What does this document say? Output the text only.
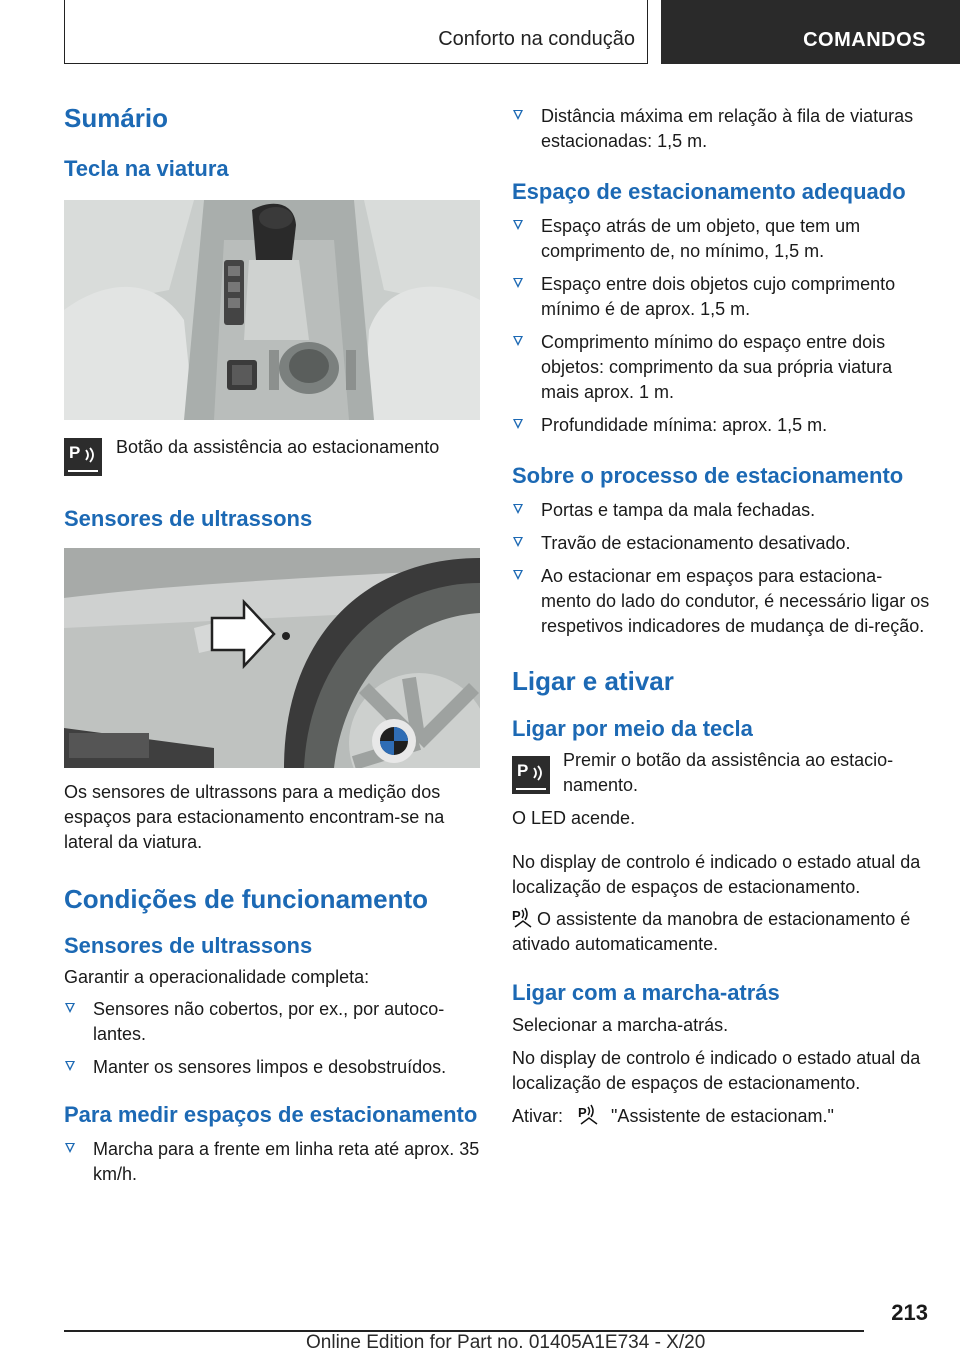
Conforto na condução	COMANDOS
Sumário
Tecla na viatura
P Botão da assistência ao estacionamento

Sensores de ultrassons

Os sensores de ultrassons para a medição dos espaços para estacionamento encontram-se na lateral da viatura.

Condições de funcionamento
Sensores de ultrassons

Garantir a operacionalidade completa:

Sensores não cobertos, por ex., por autoco-lantes.
Manter os sensores limpos e desobstruídos.
Para medir espaços de estacionamento
Marcha para a frente em linha reta até aprox. 35 km/h.
Distância máxima em relação à fila de viaturas estacionadas: 1,5 m.
Espaço de estacionamento adequado
Espaço atrás de um objeto, que tem um comprimento de, no mínimo, 1,5 m.
Espaço entre dois objetos cujo comprimento mínimo é de aprox. 1,5 m.
Comprimento mínimo do espaço entre dois objetos: comprimento da sua própria viatura mais aprox. 1 m.
Profundidade mínima: aprox. 1,5 m.
Sobre o processo de estacionamento
Portas e tampa da mala fechadas.
Travão de estacionamento desativado.
Ao estacionar em espaços para estaciona-mento do lado do condutor, é necessário ligar os respetivos indicadores de mudança de di-reção.
Ligar e ativar
Ligar por meio da tecla
P

Premir o botão da assistência ao estacio-namento.

O LED acende.

No display de controlo é indicado o estado atual da localização de espaços de estacionamento.

P O assistente da manobra de estacionamento é ativado automaticamente.

Ligar com a marcha-atrás

Selecionar a marcha-atrás.

No display de controlo é indicado o estado atual da localização de espaços de estacionamento.

Ativar: P "Assistente de estacionam."

213
Online Edition for Part no. 01405A1E734 - X/20
